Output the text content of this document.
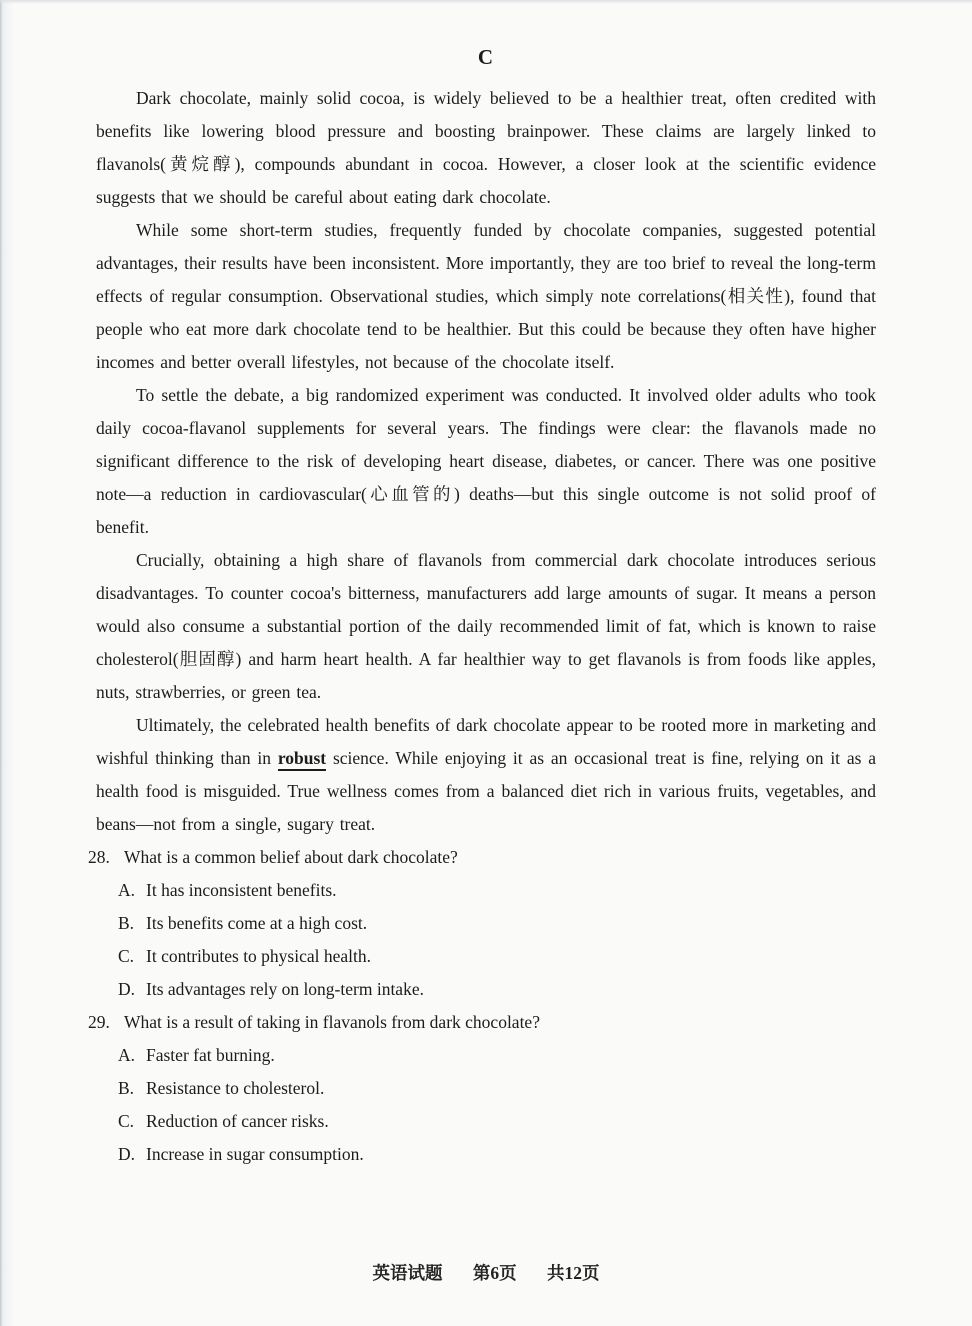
C

Dark chocolate, mainly solid cocoa, is widely believed to be a healthier treat, often credited with benefits like lowering blood pressure and boosting brainpower. These claims are largely linked to flavanols(黄烷醇), compounds abundant in cocoa. However, a closer look at the scientific evidence suggests that we should be careful about eating dark chocolate.

While some short-term studies, frequently funded by chocolate companies, suggested potential advantages, their results have been inconsistent. More importantly, they are too brief to reveal the long-term effects of regular consumption. Observational studies, which simply note correlations(相关性), found that people who eat more dark chocolate tend to be healthier. But this could be because they often have higher incomes and better overall lifestyles, not because of the chocolate itself.

To settle the debate, a big randomized experiment was conducted. It involved older adults who took daily cocoa-flavanol supplements for several years. The findings were clear: the flavanols made no significant difference to the risk of developing heart disease, diabetes, or cancer. There was one positive note—a reduction in cardiovascular(心血管的) deaths—but this single outcome is not solid proof of benefit.

Crucially, obtaining a high share of flavanols from commercial dark chocolate introduces serious disadvantages. To counter cocoa's bitterness, manufacturers add large amounts of sugar. It means a person would also consume a substantial portion of the daily recommended limit of fat, which is known to raise cholesterol(胆固醇) and harm heart health. A far healthier way to get flavanols is from foods like apples, nuts, strawberries, or green tea.

Ultimately, the celebrated health benefits of dark chocolate appear to be rooted more in marketing and wishful thinking than in robust science. While enjoying it as an occasional treat is fine, relying on it as a health food is misguided. True wellness comes from a balanced diet rich in various fruits, vegetables, and beans—not from a single, sugary treat.

28. What is a common belief about dark chocolate?
A. It has inconsistent benefits.
B. Its benefits come at a high cost.
C. It contributes to physical health.
D. Its advantages rely on long-term intake.
29. What is a result of taking in flavanols from dark chocolate?
A. Faster fat burning.
B. Resistance to cholesterol.
C. Reduction of cancer risks.
D. Increase in sugar consumption.
英语试题 第6页 共12页
